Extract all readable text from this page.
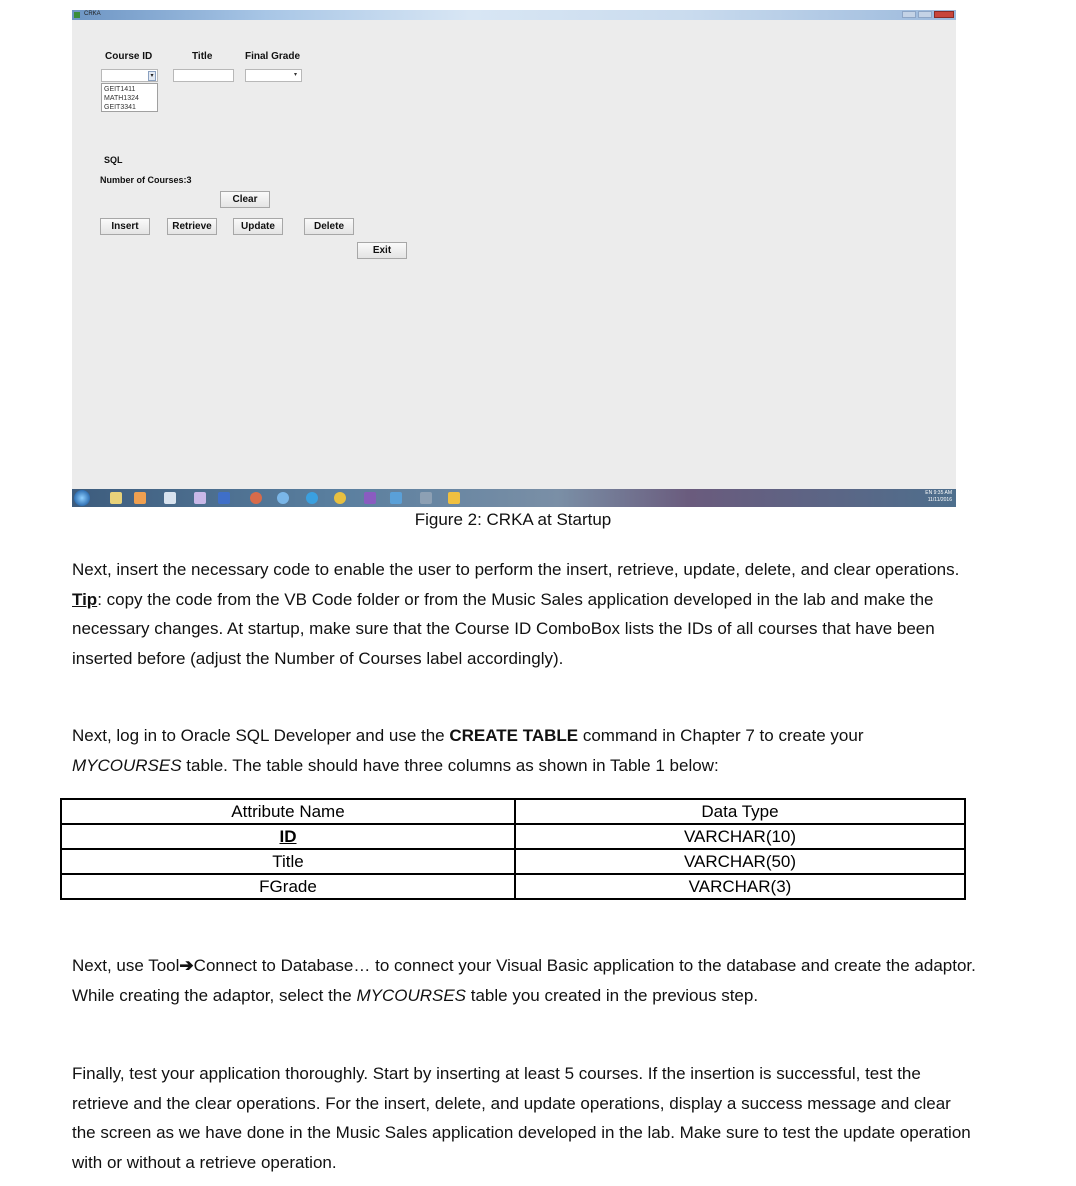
CRKA
Course ID	Title	Final Grade
▾	▾
GEIT1411
MATH1324
GEIT3341
SQL
Number of Courses:3
Clear
Insert	Retrieve	Update	Delete
Exit
EN 9:35 AM
11/11/2016
Figure 2: CRKA at Startup

Next, insert the necessary code to enable the user to perform the insert, retrieve, update, delete, and clear operations. Tip: copy the code from the VB Code folder or from the Music Sales application developed in the lab and make the necessary changes. At startup, make sure that the Course ID ComboBox lists the IDs of all courses that have been inserted before (adjust the Number of Courses label accordingly).

Next, log in to Oracle SQL Developer and use the CREATE TABLE command in Chapter 7 to create your MYCOURSES table. The table should have three columns as shown in Table 1 below:

Attribute Name	Data Type
ID	VARCHAR(10)
Title	VARCHAR(50)
FGrade	VARCHAR(3)

Next, use Tool➔Connect to Database… to connect your Visual Basic application to the database and create the adaptor. While creating the adaptor, select the MYCOURSES table you created in the previous step.

Finally, test your application thoroughly. Start by inserting at least 5 courses. If the insertion is successful, test the retrieve and the clear operations. For the insert, delete, and update operations, display a success message and clear the screen as we have done in the Music Sales application developed in the lab. Make sure to test the update operation with or without a retrieve operation.
